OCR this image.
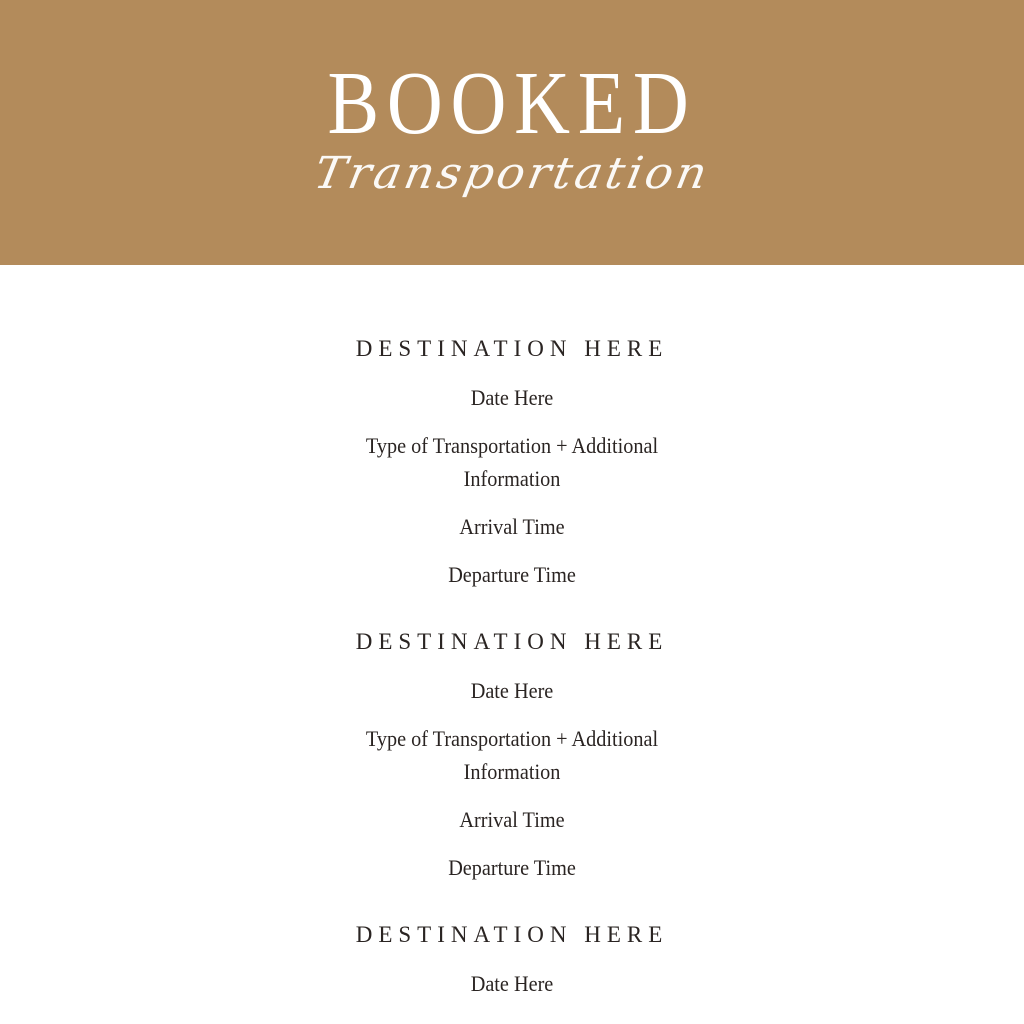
BOOKED
Transportation
DESTINATION HERE
Date Here
Type of Transportation + Additional Information
Arrival Time
Departure Time
DESTINATION HERE
Date Here
Type of Transportation + Additional Information
Arrival Time
Departure Time
DESTINATION HERE
Date Here
